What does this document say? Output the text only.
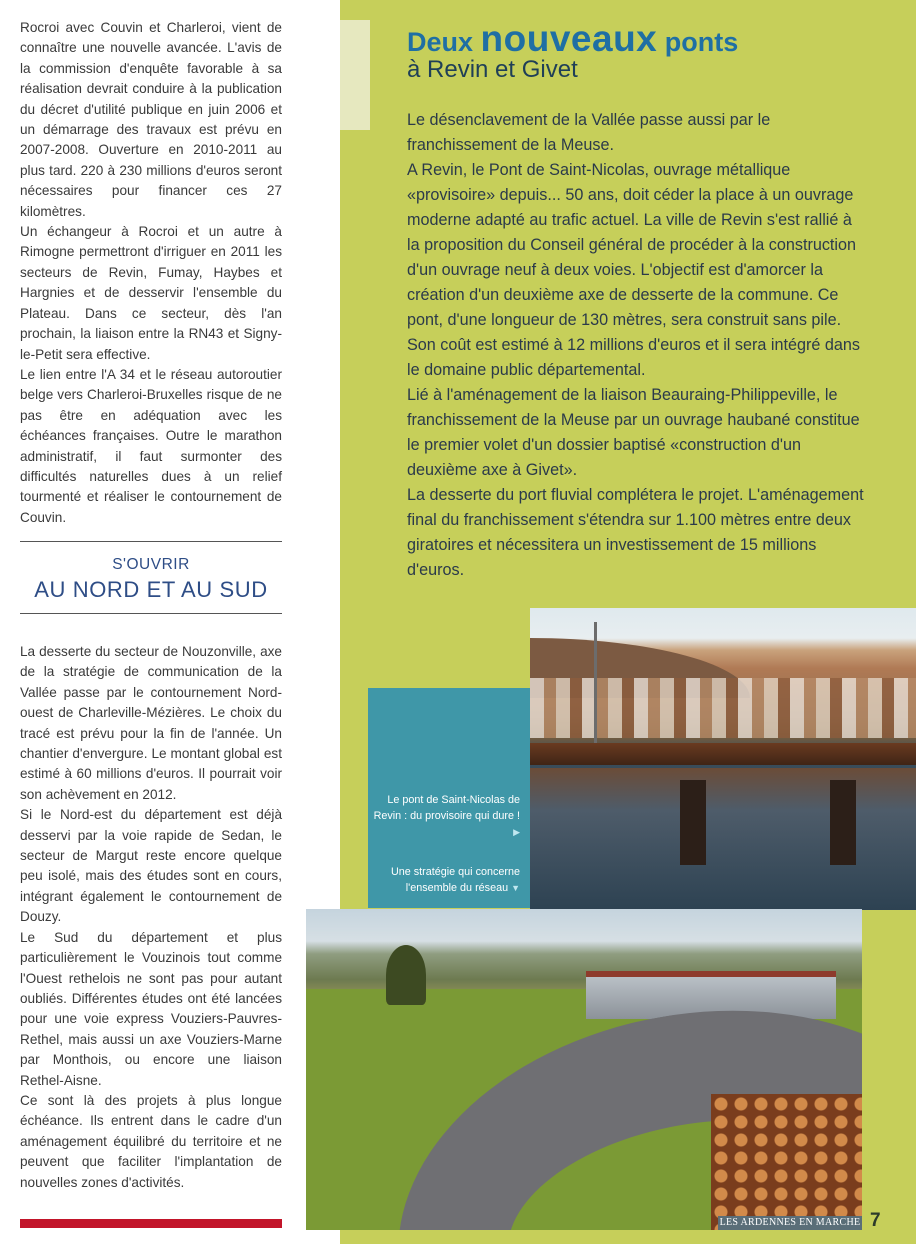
Rocroi avec Couvin et Charleroi, vient de connaître une nouvelle avancée. L'avis de la commission d'enquête favorable à sa réalisation devrait conduire à la publication du décret d'utilité publique en juin 2006 et un démarrage des travaux est prévu en 2007-2008. Ouverture en 2010-2011 au plus tard. 220 à 230 millions d'euros seront nécessaires pour financer ces 27 kilomètres.

Un échangeur à Rocroi et un autre à Rimogne permettront d'irriguer en 2011 les secteurs de Revin, Fumay, Haybes et Hargnies et de desservir l'ensemble du Plateau. Dans ce secteur, dès l'an prochain, la liaison entre la RN43 et Signy-le-Petit sera effective.

Le lien entre l'A 34 et le réseau autoroutier belge vers Charleroi-Bruxelles risque de ne pas être en adéquation avec les échéances françaises. Outre le marathon administratif, il faut surmonter des difficultés naturelles dues à un relief tourmenté et réaliser le contournement de Couvin.

S'OUVRIR
AU NORD ET AU SUD

La desserte du secteur de Nouzonville, axe de la stratégie de communication de la Vallée passe par le contournement Nord-ouest de Charleville-Mézières. Le choix du tracé est prévu pour la fin de l'année. Un chantier d'envergure. Le montant global est estimé à 60 millions d'euros. Il pourrait voir son achèvement en 2012.

Si le Nord-est du département est déjà desservi par la voie rapide de Sedan, le secteur de Margut reste encore quelque peu isolé, mais des études sont en cours, intégrant également le contournement de Douzy.

Le Sud du département et plus particulièrement le Vouzinois tout comme l'Ouest rethelois ne sont pas pour autant oubliés. Différentes études ont été lancées pour une voie express Vouziers-Pauvres-Rethel, mais aussi un axe Vouziers-Marne par Monthois, ou encore une liaison Rethel-Aisne.

Ce sont là des projets à plus longue échéance. Ils entrent dans le cadre d'un aménagement équilibré du territoire et ne peuvent que faciliter l'implantation de nouvelles zones d'activités.

Deux nouveaux ponts
à Revin et Givet

Le désenclavement de la Vallée passe aussi par le franchissement de la Meuse.

A Revin, le Pont de Saint-Nicolas, ouvrage métallique «provisoire» depuis... 50 ans, doit céder la place à un ouvrage moderne adapté au trafic actuel. La ville de Revin s'est rallié à la proposition du Conseil général de procéder à la construction d'un ouvrage neuf à deux voies. L'objectif est d'amorcer la création d'un deuxième axe de desserte de la commune. Ce pont, d'une longueur de 130 mètres, sera construit sans pile. Son coût est estimé à 12 millions d'euros et il sera intégré dans le domaine public départemental.

Lié à l'aménagement de la liaison Beauraing-Philippeville, le franchissement de la Meuse par un ouvrage haubané constitue le premier volet d'un dossier baptisé «construction d'un deuxième axe à Givet».

La desserte du port fluvial complétera le projet. L'aménagement final du franchissement s'étendra sur 1.100 mètres entre deux giratoires et nécessitera un investissement de 15 millions d'euros.

Le pont de Saint-Nicolas de Revin : du provisoire qui dure ! ▶
Une stratégie qui concerne l'ensemble du réseau ▼
LES ARDENNES EN MARCHE 7
